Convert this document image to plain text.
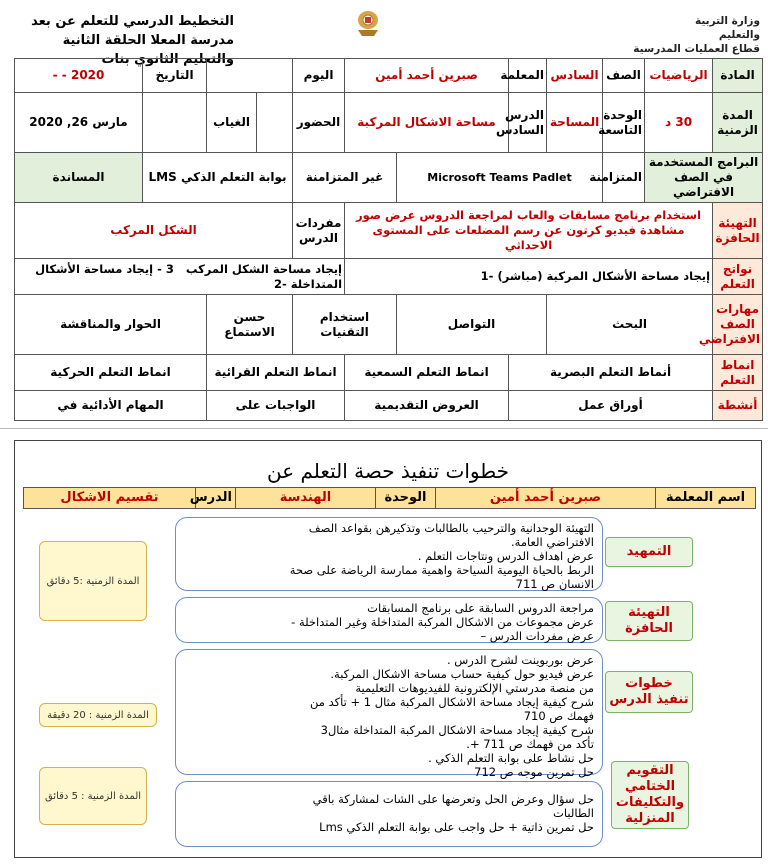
التخطيط الدرسي للتعلم عن بعد
مدرسة المعلا الحلقة الثانية
والتعليم الثانوي بنات
وزارة التربية
والتعليم
قطاع العمليات المدرسية
المادة	الرياضيات	الصف	السادس	المعلمة	صبرين أحمد أمين		اليوم			التاريخ	2020 - -
المدة الزمنية	30 د	الوحدة التاسعة	المساحة	الدرس السادس	مساحة الاشكال المركبة		الحضور		الغياب		مارس 26, 2020
البرامج المستخدمة في الصف الافتراضي		المتزامنة	Microsoft Teams Padlet			غير المتزامنة		بوابة التعلم الذكي LMS			المساندة
التهيئة الحافزة	استخدام برنامج مسابقات والعاب لمراجعة الدروس عرض صور مشاهدة فيديو كرتون عن رسم المضلعات على المستوى الاحداثي						مفردات الدرس	الشكل المركب			
نواتج التعلم	إيجاد مساحة الأشكال المركبة (مباشر) -1						إيجاد مساحة الشكل المركب   3 - إيجاد مساحة الأشكال المتداخلة -2				
مهارات الصف الافتراضي	البحث			التواصل		استخدام التقنيات		حسن الاستماع		الحوار والمناقشة	
انماط التعلم	أنماط التعلم البصرية				انماط التعلم السمعية		انماط التعلم القرائية			انماط التعلم الحركية	
أنشطة	أوراق عمل				العروض التقديمية		الواجبات على			المهام الأدائية في	
خطوات تنفيذ حصة التعلم عن
اسم المعلمة	صبرين أحمد أمين	الوحدة	الهندسة	الدرس	تقسيم الاشكال
التهيئة الوجدانية والترحيب بالطالبات وتذكيرهن بقواعد الصف
الافتراضي العامة.
عرض اهداف الدرس ونتاجات التعلم .
الربط بالحياة اليومية السياحة واهمية ممارسة الرياضة على صحة
الانسان ص 711
التمهيد
المدة الزمنية :5 دقائق
مراجعة الدروس السابقة على برنامج المسابقات
عرض مجموعات من الاشكال المركبة المتداخلة وغير المتداخلة -
عرض مفردات الدرس –
التهيئة الحافزة
عرض بوربوينت لشرح الدرس .
عرض فيديو حول كيفية حساب مساحة الاشكال المركبة.
من منصة مدرستي الإلكترونية للفيديوهات التعليمية
شرح كيفية إيجاد مساحة الاشكال المركبة مثال 1 + تأكد من
فهمك ص 710
شرح كيفية إيجاد مساحة الاشكال المركبة المتداخلة مثال3
تأكد من فهمك ص 711 +.
حل نشاط على بوابة التعلم الذكي .
حل تمرين موجه ص 712
خطوات تنفيذ الدرس
المدة الزمنية : 20 دقيقة
حل سؤال وعرض الحل وتعرضها على الشات لمشاركة باقي
الطالبات
حل تمرين ذاتية + حل واجب على بوابة التعلم الذكي Lms
التقويم الختامي والتكليفات المنزلية
المدة الزمنية : 5 دقائق
